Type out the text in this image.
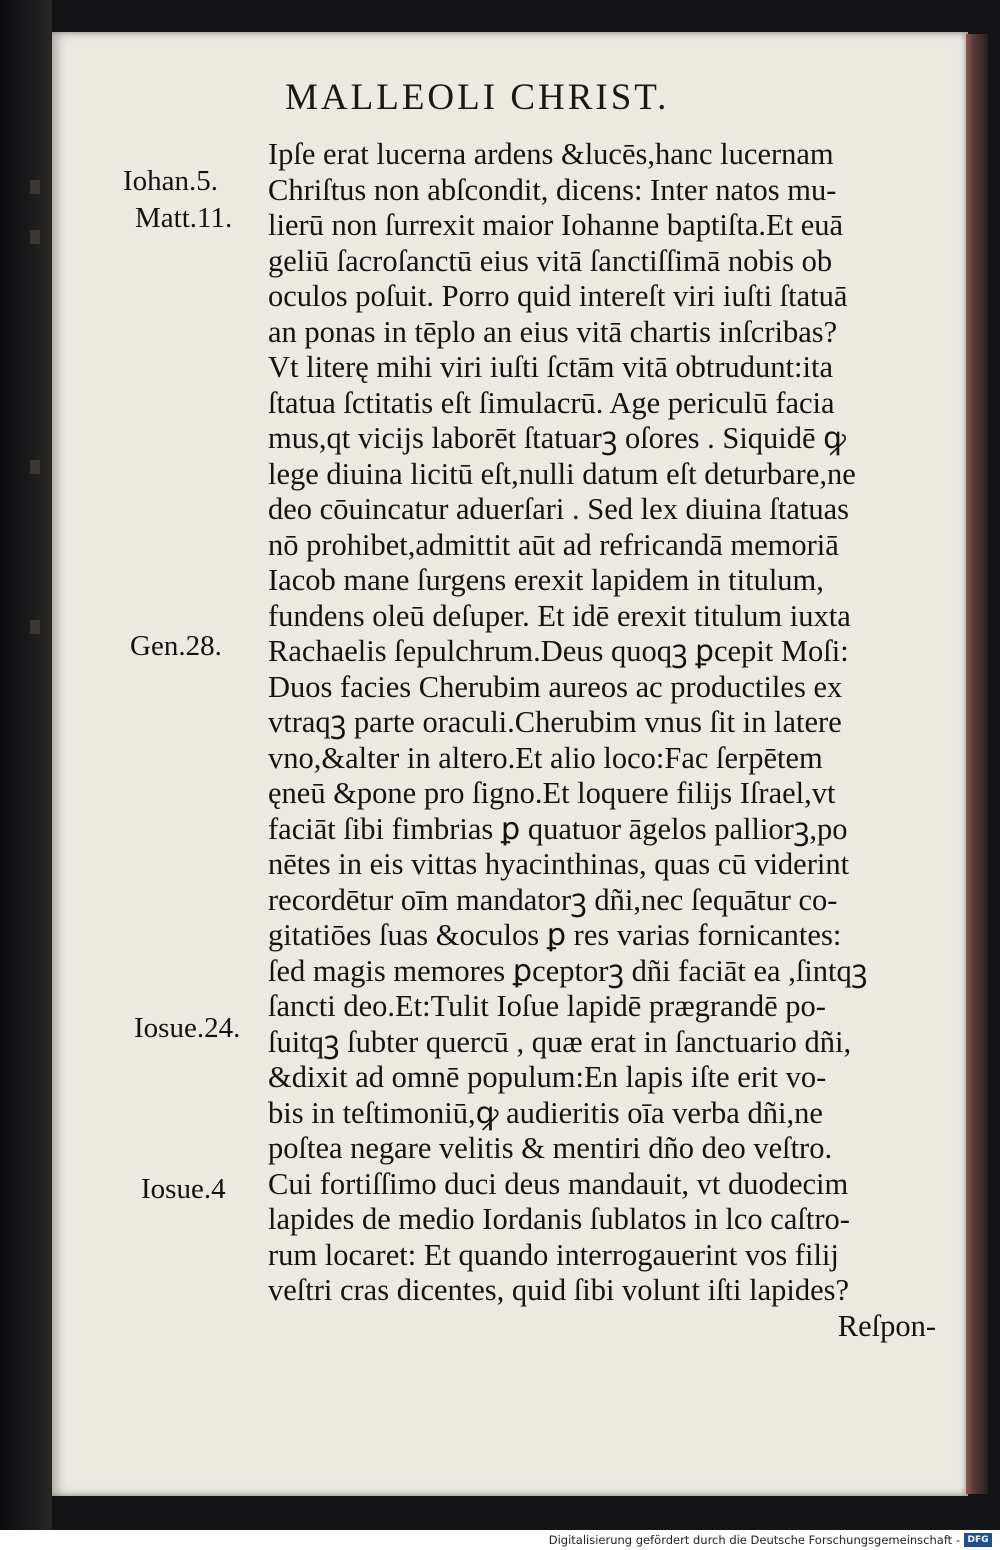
MALLEOLI CHRIST.
Iohan.5.
Matt.11.
Gen.28.
Iosue.24.
Iosue.4
Ipſe erat lucerna ardens &lucēs,hanc lucernam
Chriſtus non abſcondit, dicens: Inter natos mu-
lierū non ſurrexit maior Iohanne baptiſta.Et euā
geliū ſacroſanctū eius vitā ſanctiſſimā nobis ob
oculos poſuit. Porro quid intereſt viri iuſti ſtatuā
an ponas in tēplo an eius vitā chartis inſcribas?
Vt literę mihi viri iuſti ſctām vitā obtrudunt:ita
ſtatua ſctitatis eſt ſimulacrū. Age periculū facia
mus,qt vicijs laborēt ſtatuarꝫ oſores . Siquidē ꝙ
lege diuina licitū eſt,nulli datum eſt deturbare,ne
deo cōuincatur aduerſari . Sed lex diuina ſtatuas
nō prohibet,admittit aūt ad refricandā memoriā
Iacob mane ſurgens erexit lapidem in titulum,
fundens oleū deſuper. Et idē erexit titulum iuxta
Rachaelis ſepulchrum.Deus quoqꝫ ꝑcepit Moſi:
Duos facies Cherubim aureos ac productiles ex
vtraqꝫ parte oraculi.Cherubim vnus ſit in latere
vno,&alter in altero.Et alio loco:Fac ſerpētem
ęneū &pone pro ſigno.Et loquere filijs Iſrael,vt
faciāt ſibi fimbrias ꝑ quatuor āgelos palliorꝫ,po
nētes in eis vittas hyacinthinas, quas cū viderint
recordētur oīm mandatorꝫ dñi,nec ſequātur co-
gitatiōes ſuas &oculos ꝑ res varias fornicantes:
ſed magis memores ꝑceptorꝫ dñi faciāt ea ,ſintqꝫ
ſancti deo.Et:Tulit Ioſue lapidē prægrandē po-
ſuitqꝫ ſubter quercū , quæ erat in ſanctuario dñi,
&dixit ad omnē populum:En lapis iſte erit vo-
bis in teſtimoniū,ꝙ audieritis oīa verba dñi,ne
poſtea negare velitis & mentiri dño deo veſtro.
Cui fortiſſimo duci deus mandauit, vt duodecim
lapides de medio Iordanis ſublatos in lco caſtro-
rum locaret: Et quando interrogauerint vos filij
veſtri cras dicentes, quid ſibi volunt iſti lapides?
Reſpon-
Digitalisierung gefördert durch die Deutsche Forschungsgemeinschaft - DFG
